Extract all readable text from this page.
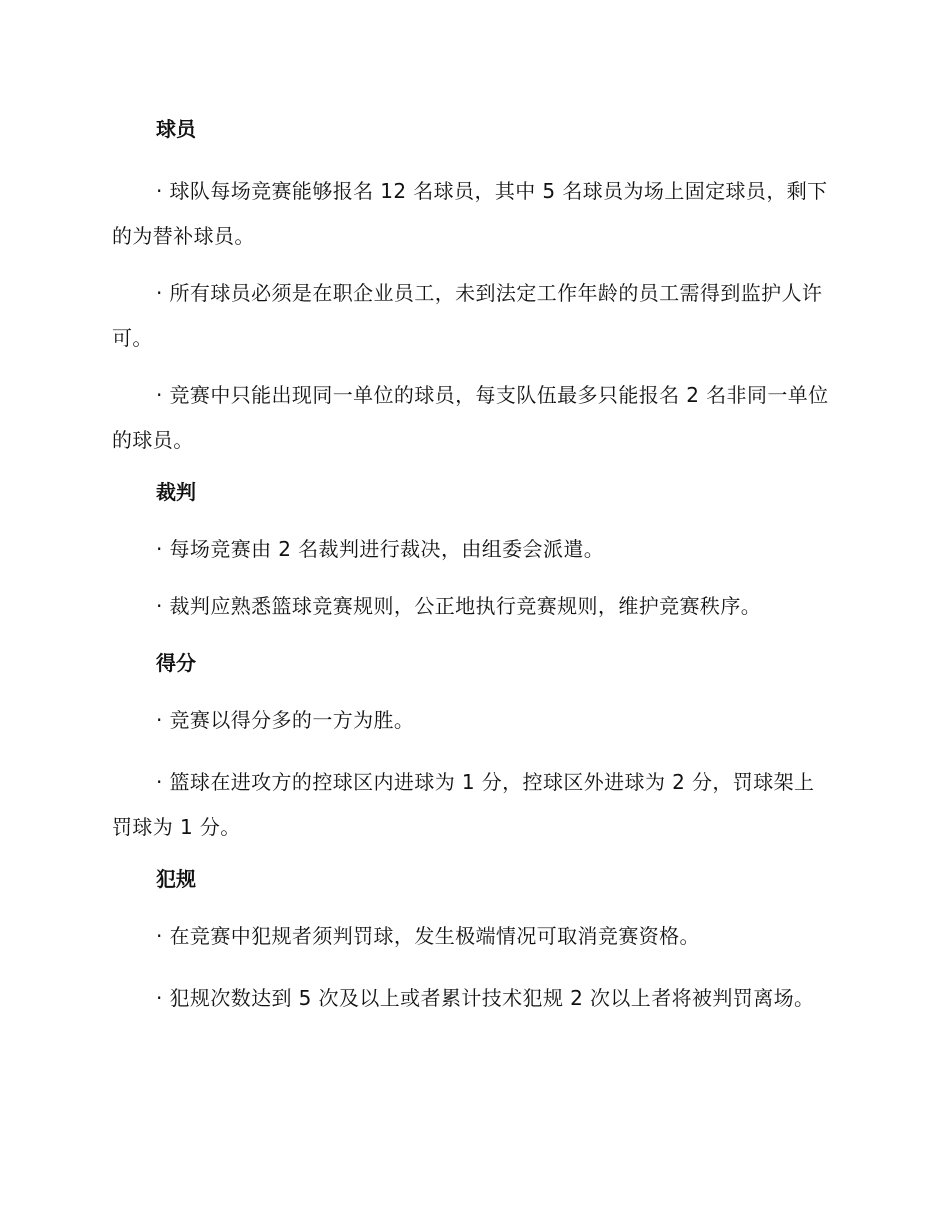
球员

· 球队每场竞赛能够报名 12 名球员，其中 5 名球员为场上固定球员，剩下的为替补球员。

· 所有球员必须是在职企业员工，未到法定工作年龄的员工需得到监护人许可。

· 竞赛中只能出现同一单位的球员，每支队伍最多只能报名 2 名非同一单位的球员。

裁判

· 每场竞赛由 2 名裁判进行裁决，由组委会派遣。

· 裁判应熟悉篮球竞赛规则，公正地执行竞赛规则，维护竞赛秩序。

得分

· 竞赛以得分多的一方为胜。

· 篮球在进攻方的控球区内进球为 1 分，控球区外进球为 2 分，罚球架上罚球为 1 分。

犯规

· 在竞赛中犯规者须判罚球，发生极端情况可取消竞赛资格。

· 犯规次数达到 5 次及以上或者累计技术犯规 2 次以上者将被判罚离场。
